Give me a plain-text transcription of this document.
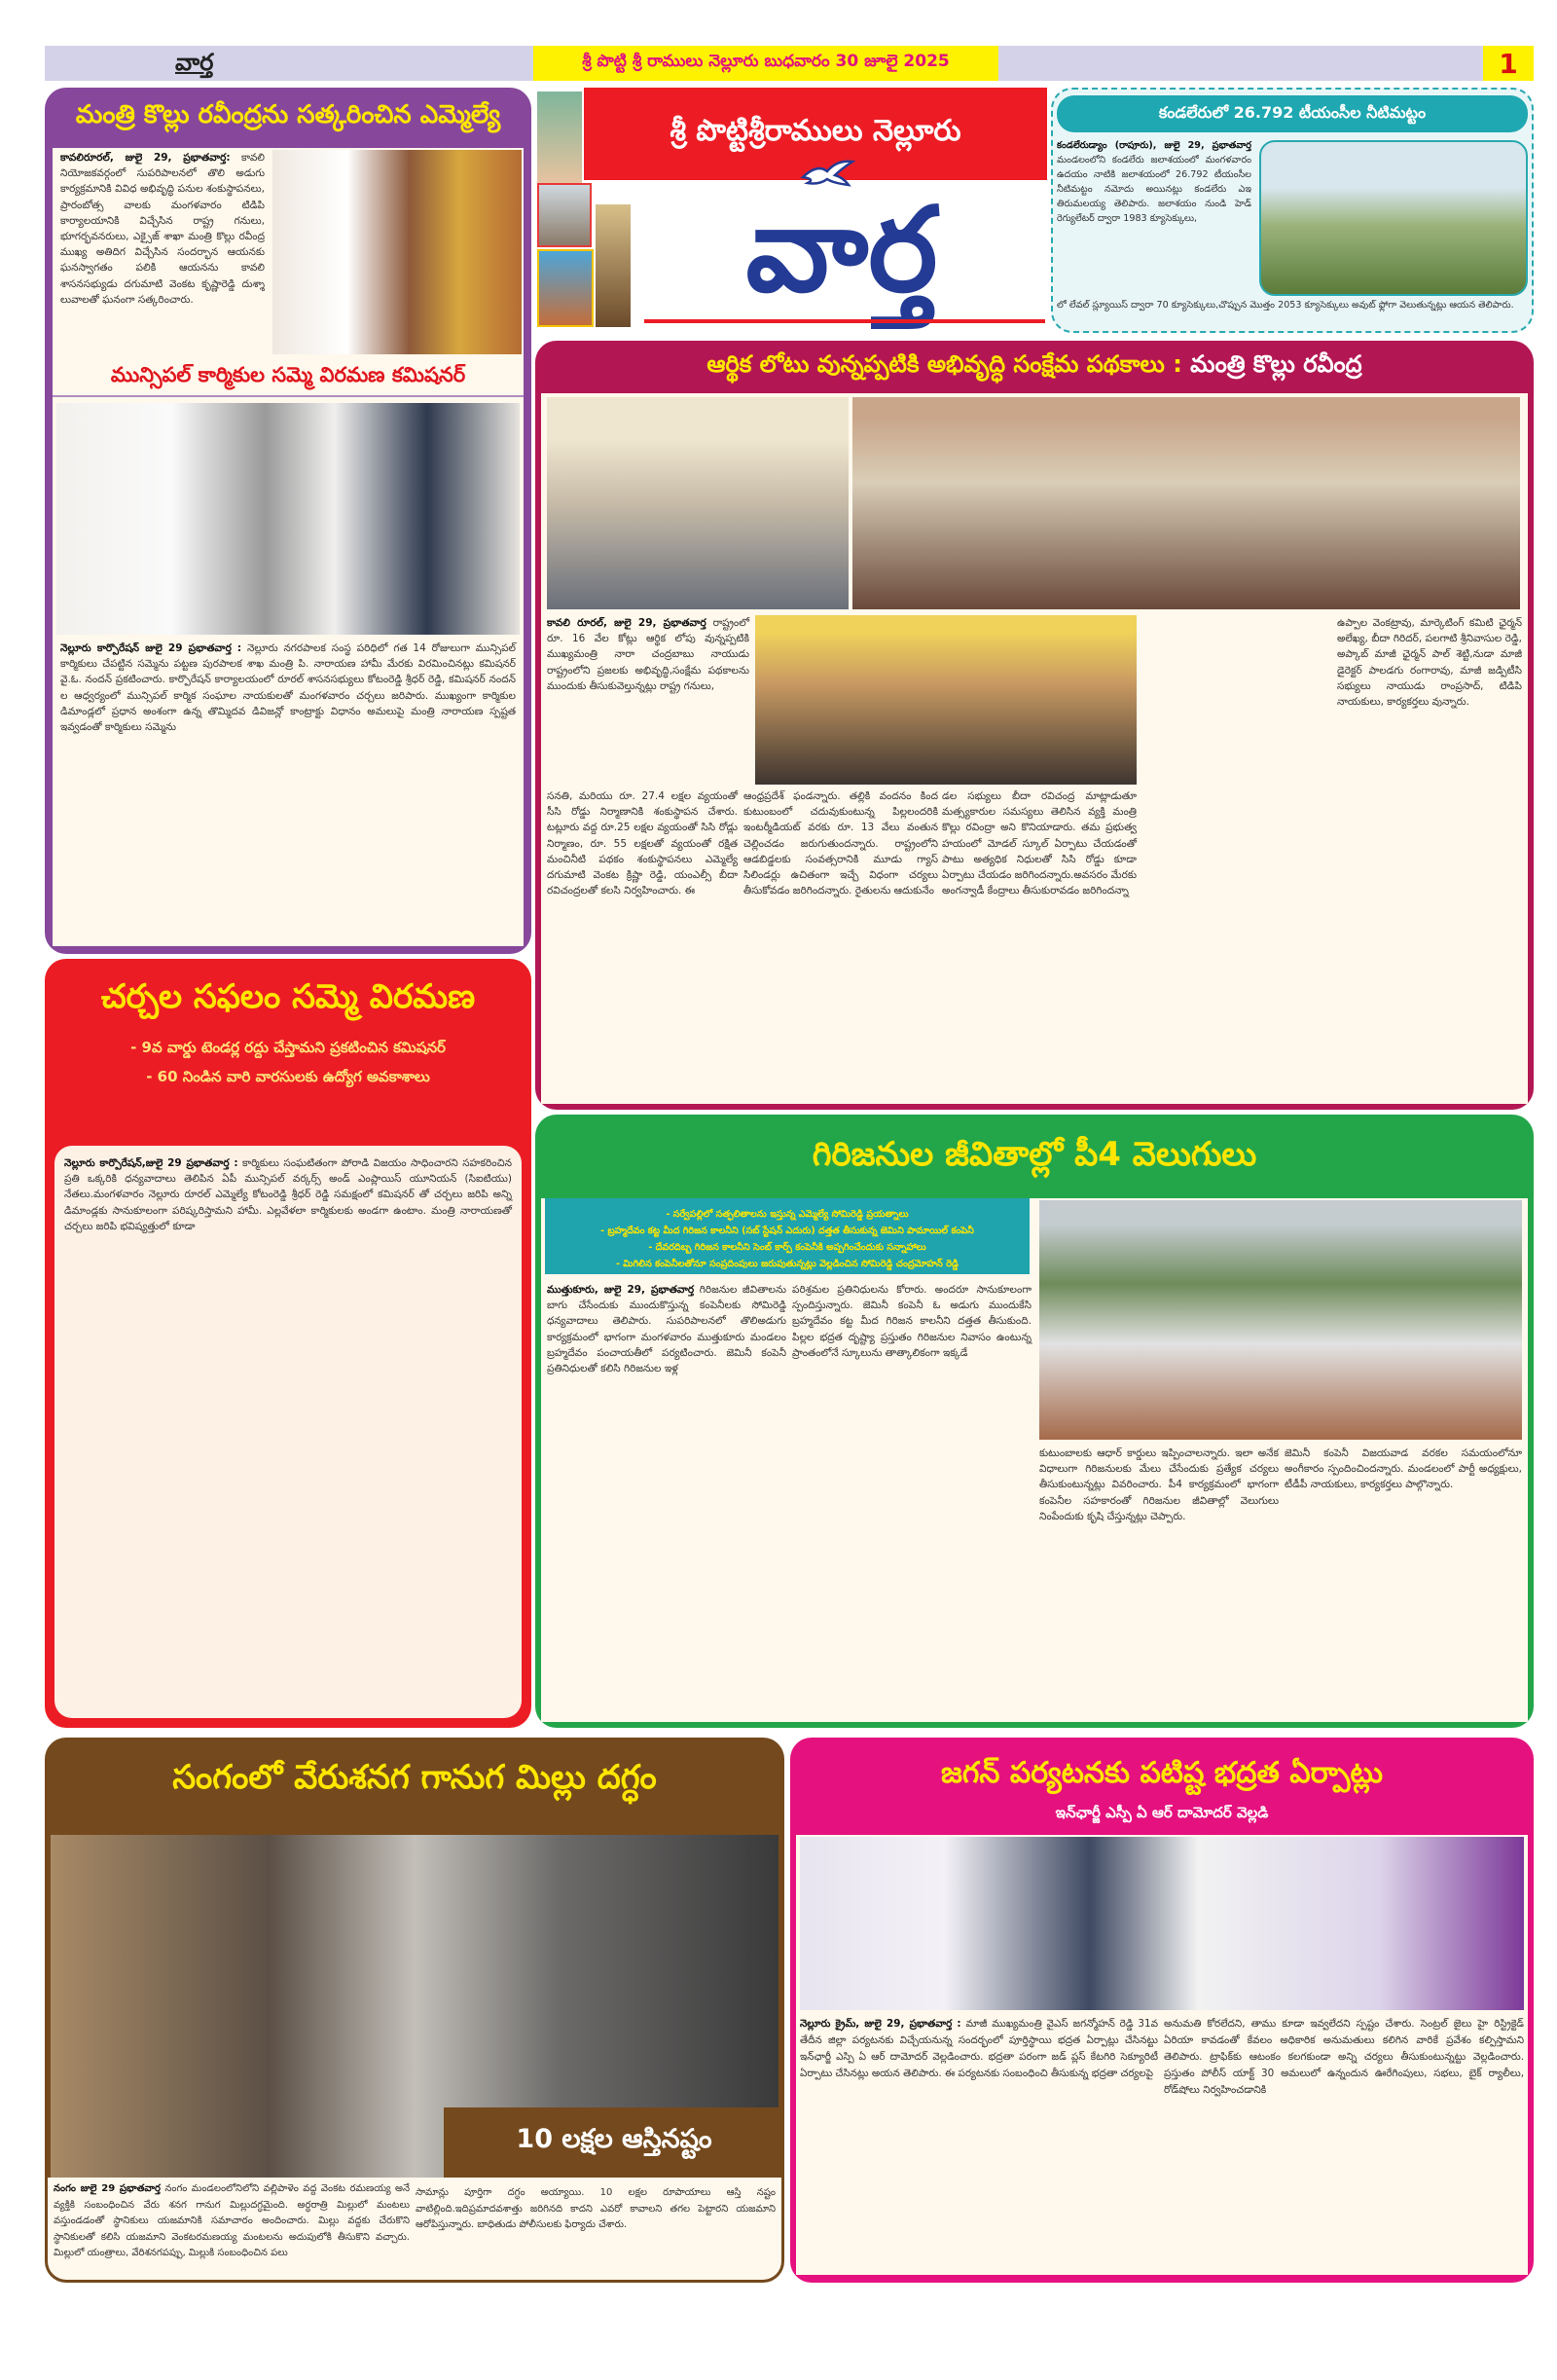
వార్త	శ్రీ పొట్టి శ్రీ రాములు నెల్లూరు బుధవారం 30 జూలై 2025	1
మంత్రి కొల్లు రవీంద్రను సత్కరించిన ఎమ్మెల్యే
కావలిరూరల్, జులై 29, ప్రభాతవార్త: కావలి నియోజకవర్గంలో సుపరిపాలనలో తొలి అడుగు కార్యక్రమానికి వివిధ అభివృద్ధి పనుల శంకుస్థాపనలు, ప్రారంబోత్స వాలకు మంగళవారం టిడిపి కార్యాలయానికి విచ్చేసిన రాష్ట్ర గనులు, భూగర్భవనరులు, ఎక్సైజ్ శాఖా మంత్రి కొల్లు రవీంద్ర ముఖ్య అతిదిగ విచ్చేసిన సందర్భాన ఆయనకు ఘనస్వాగతం పలికి ఆయనను కావలి శాసనసభ్యుడు దగుమాటి వెంకట కృష్ణారెడ్డి దుశ్శా లువాలతో ఘనంగా సత్కరించారు.
మున్సిపల్ కార్మికుల సమ్మె విరమణ కమిషనర్
నెల్లూరు కార్పొరేషన్ జులై 29 ప్రభాతవార్త : నెల్లూరు నగరపాలక సంస్థ పరిధిలో గత 14 రోజులుగా మున్సిపల్ కార్మికులు చేపట్టిన సమ్మెను పట్టణ పురపాలక శాఖ మంత్రి పి. నారాయణ హామీ మేరకు విరమించినట్లు కమిషనర్ వై.ఓ. నందన్ ప్రకటించారు. కార్పొరేషన్ కార్యాలయంలో రూరల్ శాసనసభ్యులు కోటంరెడ్డి శ్రీధర్ రెడ్డి, కమిషనర్ నందన్ ల ఆధ్వర్యంలో మున్సిపల్ కార్మిక సంఘాల నాయకులతో మంగళవారం చర్చలు జరిపారు. ముఖ్యంగా కార్మికుల డిమాండ్లలో ప్రధాన అంశంగా ఉన్న తొమ్మిదవ డివిజన్లో కాంట్రాక్టు విధానం అమలుపై మంత్రి నారాయణ స్పష్టత ఇవ్వడంతో కార్మికులు సమ్మెను
చర్చల సఫలం సమ్మె విరమణ
- 9వ వార్డు టెండర్ల రద్దు చేస్తామని ప్రకటించిన కమిషనర్
- 60 నిండిన వారి వారసులకు ఉద్యోగ అవకాశాలు
నెల్లూరు కార్పొరేషన్,జులై 29 ప్రభాతవార్త : కార్మికులు సంఘటితంగా పోరాడి విజయం సాధించారని సహకరించిన ప్రతి ఒక్కరికి ధన్యవాదాలు తెలిపిన ఏపీ మున్సిపల్ వర్కర్స్ అండ్ ఎంప్లాయిస్ యూనియన్ (సిఐటియు) నేతలు.మంగళవారం నెల్లూరు రూరల్ ఎమ్మెల్యే కోటంరెడ్డి శ్రీధర్ రెడ్డి సమక్షంలో కమిషనర్ తో చర్చలు జరిపి అన్ని డిమాండ్లకు సానుకూలంగా పరిష్కరిస్తామని హామీ. ఎల్లవేళలా కార్మికులకు అండగా ఉంటాం. మంత్రి నారాయణతో చర్చలు జరిపి భవిష్యత్తులో కూడా
శ్రీ పొట్టిశ్రీరాములు నెల్లూరు
వార్త
కండలేరులో 26.792 టీయంసీల నీటిమట్టం
కండలేరుడ్యాం (రాపూరు), జులై 29, ప్రభాతవార్త మండలంలోని కండలేరు జలాశయంలో మంగళవారం ఉదయం నాటికి జలాశయంలో 26.792 టీయంసీల నీటిమట్టం నమోదు అయినట్లు కండలేరు ఎఇ తిరుమలయ్య తెలిపారు. జలాశయం నుండి హెడ్ రెగ్యులేటర్ ద్వారా 1983 క్యూసెక్కులు,
లో లేవల్ స్ల్యూయిస్ ద్వారా 70 క్యూసెక్కులు,చొప్పున మొత్తం 2053 క్యూసెక్కులు అవుట్ ఫ్లోగా వెలుతున్నట్లు ఆయన తెలిపారు.
ఆర్థిక లోటు వున్నప్పటికి అభివృద్ధి సంక్షేమ పథకాలు :
మంత్రి కొల్లు రవీంద్ర
కావలి రూరల్, జులై 29, ప్రభాతవార్త రాష్ట్రంలో రూ. 16 వేల కోట్లు ఆర్థిక లోపు వున్నప్పటికి ముఖ్యమంత్రి నారా చంద్రబాబు నాయుడు రాష్ట్రంలోని ప్రజలకు అభివృద్ధి,సంక్షేమ పథకాలను ముందుకు తీసుకువెల్తున్నట్లు రాష్ట్ర గనులు,
సనతి, మరియు రూ. 27.4 లక్షల వ్యయంతో సీసి రోడ్డు నిర్మాణానికి శంకుస్థాపన చేశారు. టట్లూరు వద్ద రూ.25 లక్షల వ్యయంతో సిసి రోడ్లు నిర్మాణం, రూ. 55 లక్షలతో వ్యయంతో రక్షిత మంచినీటి పథకం శంకుస్థాపనలు ఎమ్మెల్యే దగుమాటి వెంకట క్రిష్ణా రెడ్డి, యంఎల్సీ బీదా రవిచంద్రలతో కలసి నిర్వహించారు. ఈ
ఆంధ్రప్రదేశ్ ఫండన్నారు. తల్లికి వందనం కింద కుటుంబంలో చదువుకుంటున్న పిల్లలందరికి ఇంటర్మీడియట్ వరకు రూ. 13 వేలు వంతున చెల్లించడం జరుగుతుందన్నారు. రాష్ట్రంలోని ఆడబిడ్డలకు సంవత్సరానికి మూడు గ్యాస్ సిలిండర్లు ఉచితంగా ఇచ్చే విధంగా చర్యలు తీసుకోవడం జరిగిందన్నారు. రైతులను ఆదుకునేం
డల సభ్యులు బీదా రవిచంద్ర మాట్లాడుతూ మత్స్యకారుల సమస్యలు తెలిసిన వ్యక్తి మంత్రి కొల్లు రవింద్రా అని కొనియాడారు. తమ ప్రభుత్వ హయంలో మోడల్ స్కూల్ ఏర్పాటు చేయడంతో పాటు అత్యధిక నిధులతో సిసి రోడ్డు కూడా ఏర్పాటు చేయడం జరిగిందన్నారు.అవసరం మేరకు అంగన్వాడీ కేంద్రాలు తీసుకురావడం జరిగిందన్నా
ఉప్పాల వెంకట్రావు, మార్కెటింగ్ కమిటి ఛైర్మన్ అలేఖ్య, బీదా గిరిదర్, పలగాటి శ్రీనివాసుల రెడ్డి, అప్కాబ్ మాజీ ఛైర్మన్ పాల్ శెట్టి,నుడా మాజీ డైరెక్టర్ పాలడగు రంగారావు, మాజీ జడ్పిటీసి సభ్యులు నాయుడు రాంప్రసాద్, టిడిపి నాయకులు, కార్యకర్తలు వున్నారు.
గిరిజనుల జీవితాల్లో పీ4 వెలుగులు
- సర్వేపల్లిలో సత్ఫలితాలను ఇస్తున్న ఎమ్మెల్యే సోమిరెడ్డి ప్రయత్నాలు
- బ్రహ్మదేవం కట్ట మీద గిరిజన కాలనీని (సబ్ స్టేషన్ ఎదురు) దత్తత తీసుకున్న జెమిని పామాయిల్ కంపెనీ
- దేవరదిబ్బ గిరిజన కాలనీని సెంబ్ కార్ప్ కంపెనీకి అప్పగించేందుకు సన్నాహాలు
- మిగిలిన కంపెనీలతోనూ సంప్రదింపులు జరుపుతున్నట్లు వెల్లడించిన సోమిరెడ్డి చంద్రమోహన్ రెడ్డి
ముత్తుకూరు, జులై 29, ప్రభాతవార్త గిరిజనుల జీవితాలను బాగు చేసేందుకు ముందుకొస్తున్న కంపెనీలకు సోమిరెడ్డి ధన్యవాదాలు తెలిపారు. సుపరిపాలనలో తొలిఅడుగు కార్యక్రమంలో భాగంగా మంగళవారం ముత్తుకూరు మండలం బ్రహ్మదేవం పంచాయతీలో పర్యటించారు. జెమినీ కంపెనీ ప్రతినిధులతో కలిసి గిరిజనుల ఇళ్ల
పరిశ్రమల ప్రతినిధులను కోరారు. అందరూ సానుకూలంగా స్పందిస్తున్నారు. జెమినీ కంపెనీ ఓ అడుగు ముందుకేసి బ్రహ్మదేవం కట్ట మీద గిరిజన కాలనీని దత్తత తీసుకుంది. పిల్లల భద్రత దృష్ట్యా ప్రస్తుతం గిరిజనుల నివాసం ఉంటున్న ప్రాంతంలోనే స్కూలును తాత్కాలికంగా ఇక్కడే
కుటుంబాలకు ఆధార్ కార్డులు ఇప్పించాలన్నారు. ఇలా అనేక విధాలుగా గిరిజనులకు మేలు చేసేందుకు ప్రత్యేక చర్యలు తీసుకుంటున్నట్లు వివరించారు. పీ4 కార్యక్రమంలో భాగంగా కంపెనీల సహకారంతో గిరిజనుల జీవితాల్లో వెలుగులు నింపేందుకు కృషి చేస్తున్నట్లు చెప్పారు.
జెమినీ కంపెనీ విజయవాడ వరకల సమయంలోనూ అంగీకారం స్పందించిందన్నారు. మండలంలో పార్టీ అధ్యక్షులు, టీడీపీ నాయకులు, కార్యకర్తలు పాల్గొన్నారు.
సంగంలో వేరుశనగ గానుగ మిల్లు దగ్ధం
10 లక్షల ఆస్తినష్టం
నంగం జులై 29 ప్రభాతవార్త నంగం మండలంలోనిలోని వల్లిపాళెం వద్ద వెంకట రమణయ్య అనే వ్యక్తికి సంబంధించిన వేరు శనగ గానుగ మిల్లుదగ్ధమైంది. అర్ధరాత్రి మిల్లులో మంటలు వస్తుండడంతో స్థానికులు యజమానికి సమాచారం అందించారు. మిల్లు వద్దకు చేరుకొని స్థానికులతో కలిసి యజమాని వెంకటరమణయ్య మంటలను అదుపులోకి తీసుకొని వచ్చారు. మిల్లులో యంత్రాలు, వేరిశనగపప్పు, మిల్లుకి సంబంధించిన పలు
సామాన్లు పూర్తిగా దగ్ధం అయ్యాయి. 10 లక్షల రూపాయాలు ఆస్తి నష్టం వాటిల్లింది.ఇదిప్రమాదవశాత్తు జరిగినది కాదని ఎవరో కావాలని తగల పెట్టారని యజమాని ఆరోపిస్తున్నారు. బాధితుడు పోలీసులకు ఫిర్యాదు చేశారు.
జగన్ పర్యటనకు పటిష్ట భద్రత ఏర్పాట్లు
ఇన్‌ఛార్జీ ఎస్పీ ఏ ఆర్ దామోదర్ వెల్లడి
నెల్లూరు క్రైమ్, జులై 29, ప్రభాతవార్త : మాజీ ముఖ్యమంత్రి వైఎస్ జగన్మోహన్ రెడ్డి 31వ తేదీన జిల్లా పర్యటనకు విచ్చేయనున్న సందర్భంలో పూర్తిస్థాయి భద్రత ఏర్పాట్లు చేసినట్టు ఇన్‌ఛార్జీ ఎస్పి ఏ ఆర్ దామోదర్ వెల్లడించారు. భద్రతా పరంగా జడ్ ప్లస్ కేటగిరి సెక్యూరిటీ ఏర్పాటు చేసినట్లు అయన తెలిపారు. ఈ పర్యటనకు సంబంధించి తీసుకున్న భద్రతా చర్యలపై
అనుమతి కోరలేదని, తాము కూడా ఇవ్వలేదని స్పష్టం చేశారు. సెంట్రల్ జైలు హై రిస్ట్రిక్టెడ్ ఏరియా కావడంతో కేవలం అధికారిక అనుమతులు కలిగిన వారికే ప్రవేశం కల్పిస్తామని తెలిపారు. ట్రాఫిక్‌కు ఆటంకం కలగకుండా అన్ని చర్యలు తీసుకుంటున్నట్టు వెల్లడించారు. ప్రస్తుతం పోలీస్ యాక్ట్ 30 అమలులో ఉన్నందున ఊరేగింపులు, సభలు, బైక్ ర్యాలీలు, రోడ్‌షోలు నిర్వహించడానికి
